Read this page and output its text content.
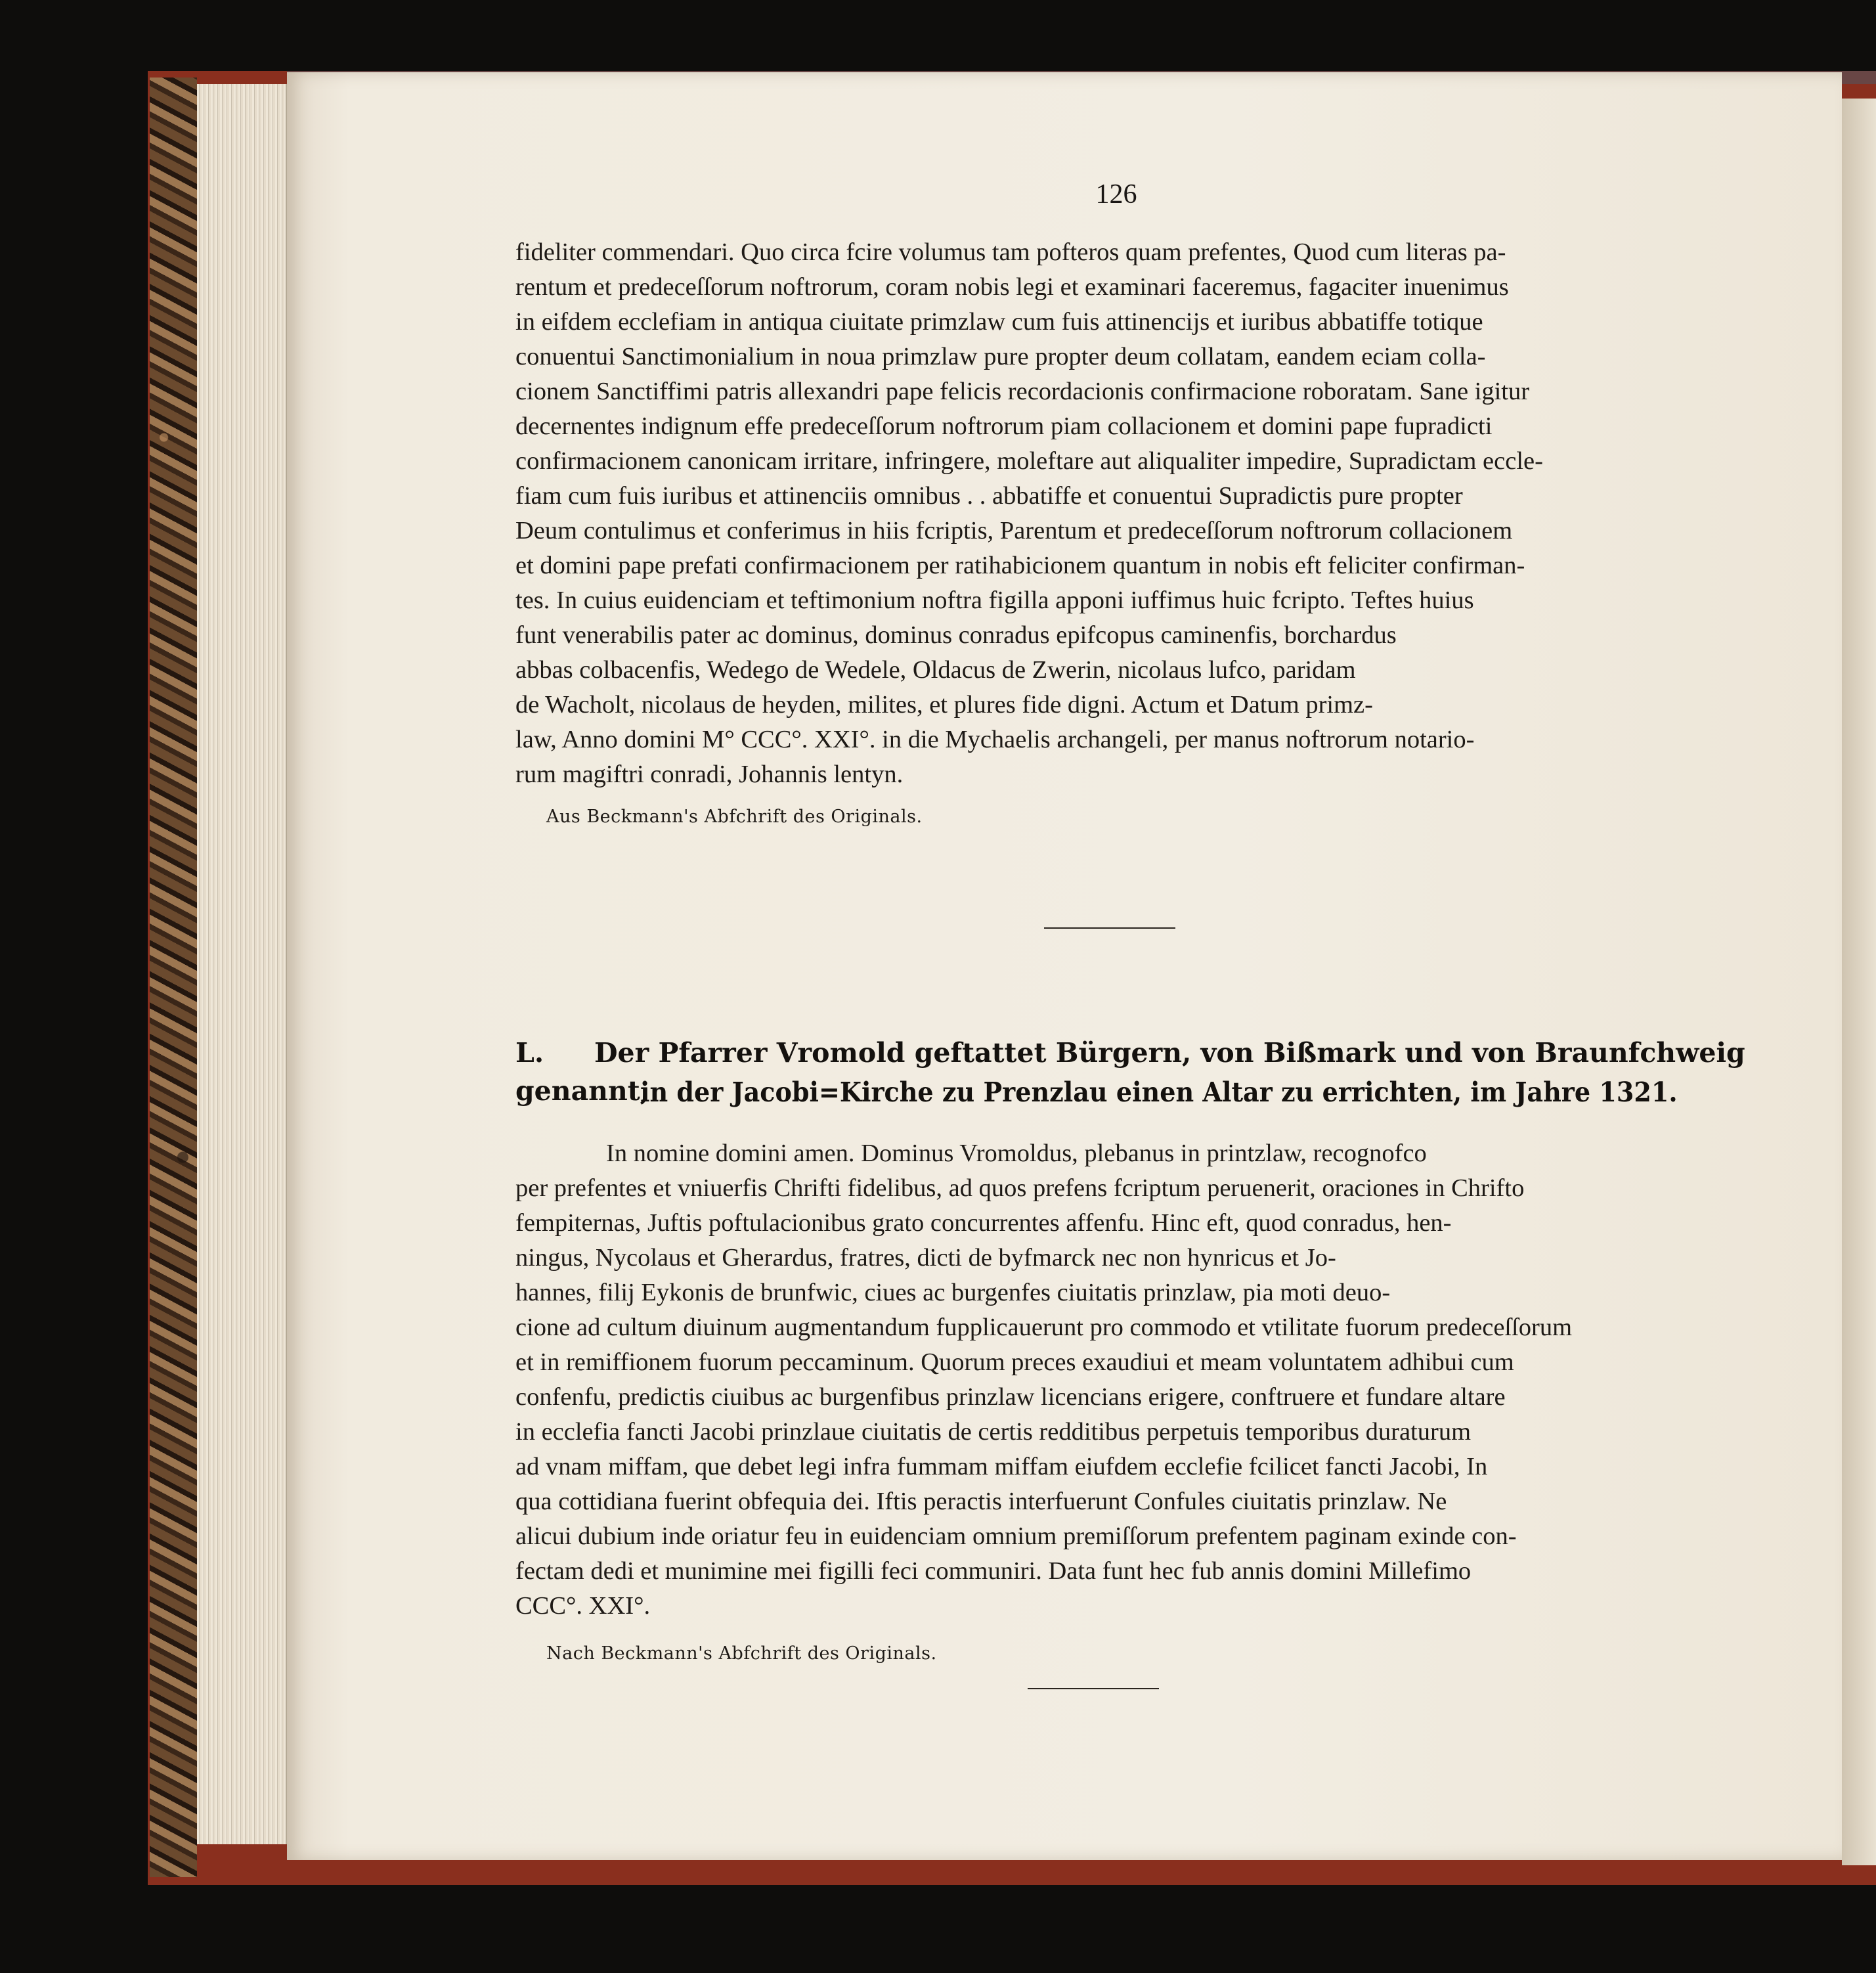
126
fideliter commendari. Quo circa fcire volumus tam pofteros quam prefentes, Quod cum literas pa-
rentum et predeceſſorum noftrorum, coram nobis legi et examinari faceremus, fagaciter inuenimus
in eifdem ecclefiam in antiqua ciuitate primzlaw cum fuis attinencijs et iuribus abbatiffe totique
conuentui Sanctimonialium in noua primzlaw pure propter deum collatam, eandem eciam colla-
cionem Sanctiffimi patris allexandri pape felicis recordacionis confirmacione roboratam. Sane igitur
decernentes indignum effe predeceſſorum noftrorum piam collacionem et domini pape fupradicti
confirmacionem canonicam irritare, infringere, moleftare aut aliqualiter impedire, Supradictam eccle-
fiam cum fuis iuribus et attinenciis omnibus . . abbatiffe et conuentui Supradictis pure propter
Deum contulimus et conferimus in hiis fcriptis, Parentum et predeceſſorum noftrorum collacionem
et domini pape prefati confirmacionem per ratihabicionem quantum in nobis eft feliciter confirman-
tes. In cuius euidenciam et teftimonium noftra figilla apponi iuffimus huic fcripto. Teftes huius
funt venerabilis pater ac dominus, dominus conradus epifcopus caminenfis, borchardus
abbas colbacenfis, Wedego de Wedele, Oldacus de Zwerin, nicolaus lufco, paridam
de Wacholt, nicolaus de heyden, milites, et plures fide digni. Actum et Datum primz-
law, Anno domini M° CCC°. XXI°. in die Mychaelis archangeli, per manus noftrorum notario-
rum magiftri conradi, Johannis lentyn.
Aus Beckmann's Abfchrift des Originals.
L. Der Pfarrer Vromold geftattet Bürgern, von Bißmark und von Braunfchweig genannt,
in der Jacobi=Kirche zu Prenzlau einen Altar zu errichten, im Jahre 1321.
In nomine domini amen. Dominus Vromoldus, plebanus in printzlaw, recognofco
per prefentes et vniuerfis Chrifti fidelibus, ad quos prefens fcriptum peruenerit, oraciones in Chrifto
fempiternas, Juftis poftulacionibus grato concurrentes affenfu. Hinc eft, quod conradus, hen-
ningus, Nycolaus et Gherardus, fratres, dicti de byfmarck nec non hynricus et Jo-
hannes, filij Eykonis de brunfwic, ciues ac burgenfes ciuitatis prinzlaw, pia moti deuo-
cione ad cultum diuinum augmentandum fupplicauerunt pro commodo et vtilitate fuorum predeceſſorum
et in remiffionem fuorum peccaminum. Quorum preces exaudiui et meam voluntatem adhibui cum
confenfu, predictis ciuibus ac burgenfibus prinzlaw licencians erigere, conftruere et fundare altare
in ecclefia fancti Jacobi prinzlaue ciuitatis de certis redditibus perpetuis temporibus duraturum
ad vnam miffam, que debet legi infra fummam miffam eiufdem ecclefie fcilicet fancti Jacobi, In
qua cottidiana fuerint obfequia dei. Iftis peractis interfuerunt Confules ciuitatis prinzlaw. Ne
alicui dubium inde oriatur feu in euidenciam omnium premiſſorum prefentem paginam exinde con-
fectam dedi et munimine mei figilli feci communiri. Data funt hec fub annis domini Millefimo
CCC°. XXI°.
Nach Beckmann's Abfchrift des Originals.
